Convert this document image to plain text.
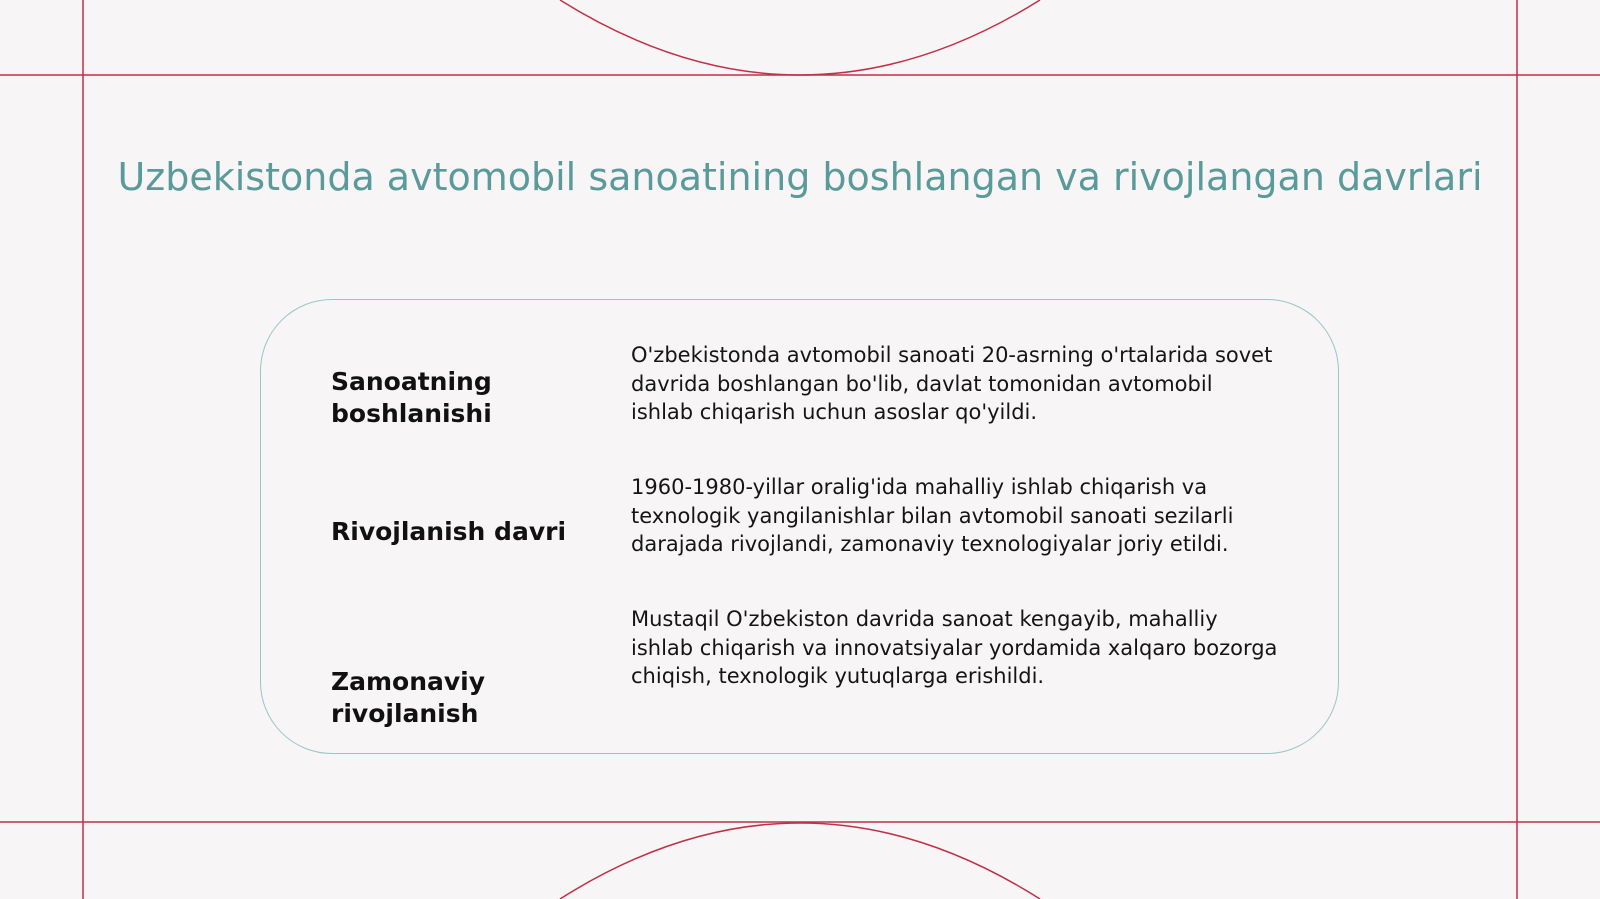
Uzbekistonda avtomobil sanoatining boshlangan va rivojlangan davrlari
Sanoatning boshlanishi
O'zbekistonda avtomobil sanoati 20-asrning o'rtalarida sovet davrida boshlangan bo'lib, davlat tomonidan avtomobil ishlab chiqarish uchun asoslar qo'yildi.
Rivojlanish davri
1960-1980-yillar oralig'ida mahalliy ishlab chiqarish va texnologik yangilanishlar bilan avtomobil sanoati sezilarli darajada rivojlandi, zamonaviy texnologiyalar joriy etildi.
Zamonaviy rivojlanish
Mustaqil O'zbekiston davrida sanoat kengayib, mahalliy ishlab chiqarish va innovatsiyalar yordamida xalqaro bozorga chiqish, texnologik yutuqlarga erishildi.
